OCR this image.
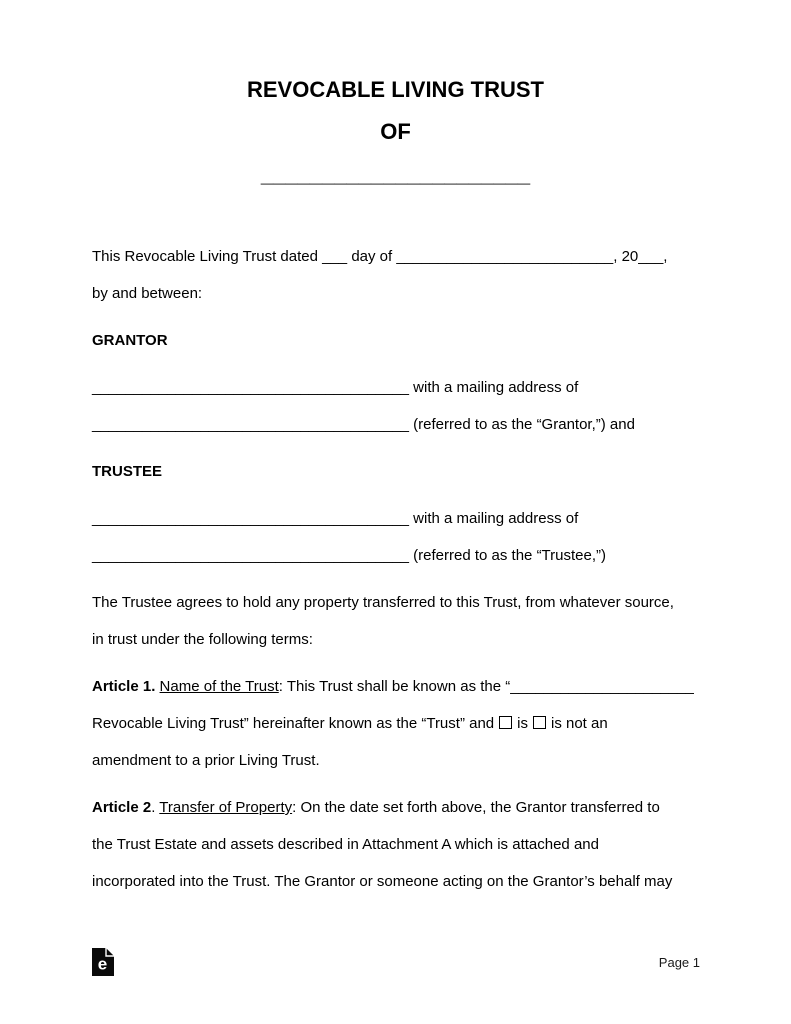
REVOCABLE LIVING TRUST
OF
______________________
This Revocable Living Trust dated ___ day of __________________________, 20___,
by and between:
GRANTOR
______________________________________ with a mailing address of
______________________________________ (referred to as the “Grantor,”) and
TRUSTEE
______________________________________ with a mailing address of
______________________________________ (referred to as the “Trustee,”)
The Trustee agrees to hold any property transferred to this Trust, from whatever source,
in trust under the following terms:
Article 1. Name of the Trust: This Trust shall be known as the “______________________
Revocable Living Trust” hereinafter known as the “Trust” and is is not an
amendment to a prior Living Trust.
Article 2. Transfer of Property: On the date set forth above, the Grantor transferred to
the Trust Estate and assets described in Attachment A which is attached and
incorporated into the Trust. The Grantor or someone acting on the Grantor’s behalf may
e	Page 1
